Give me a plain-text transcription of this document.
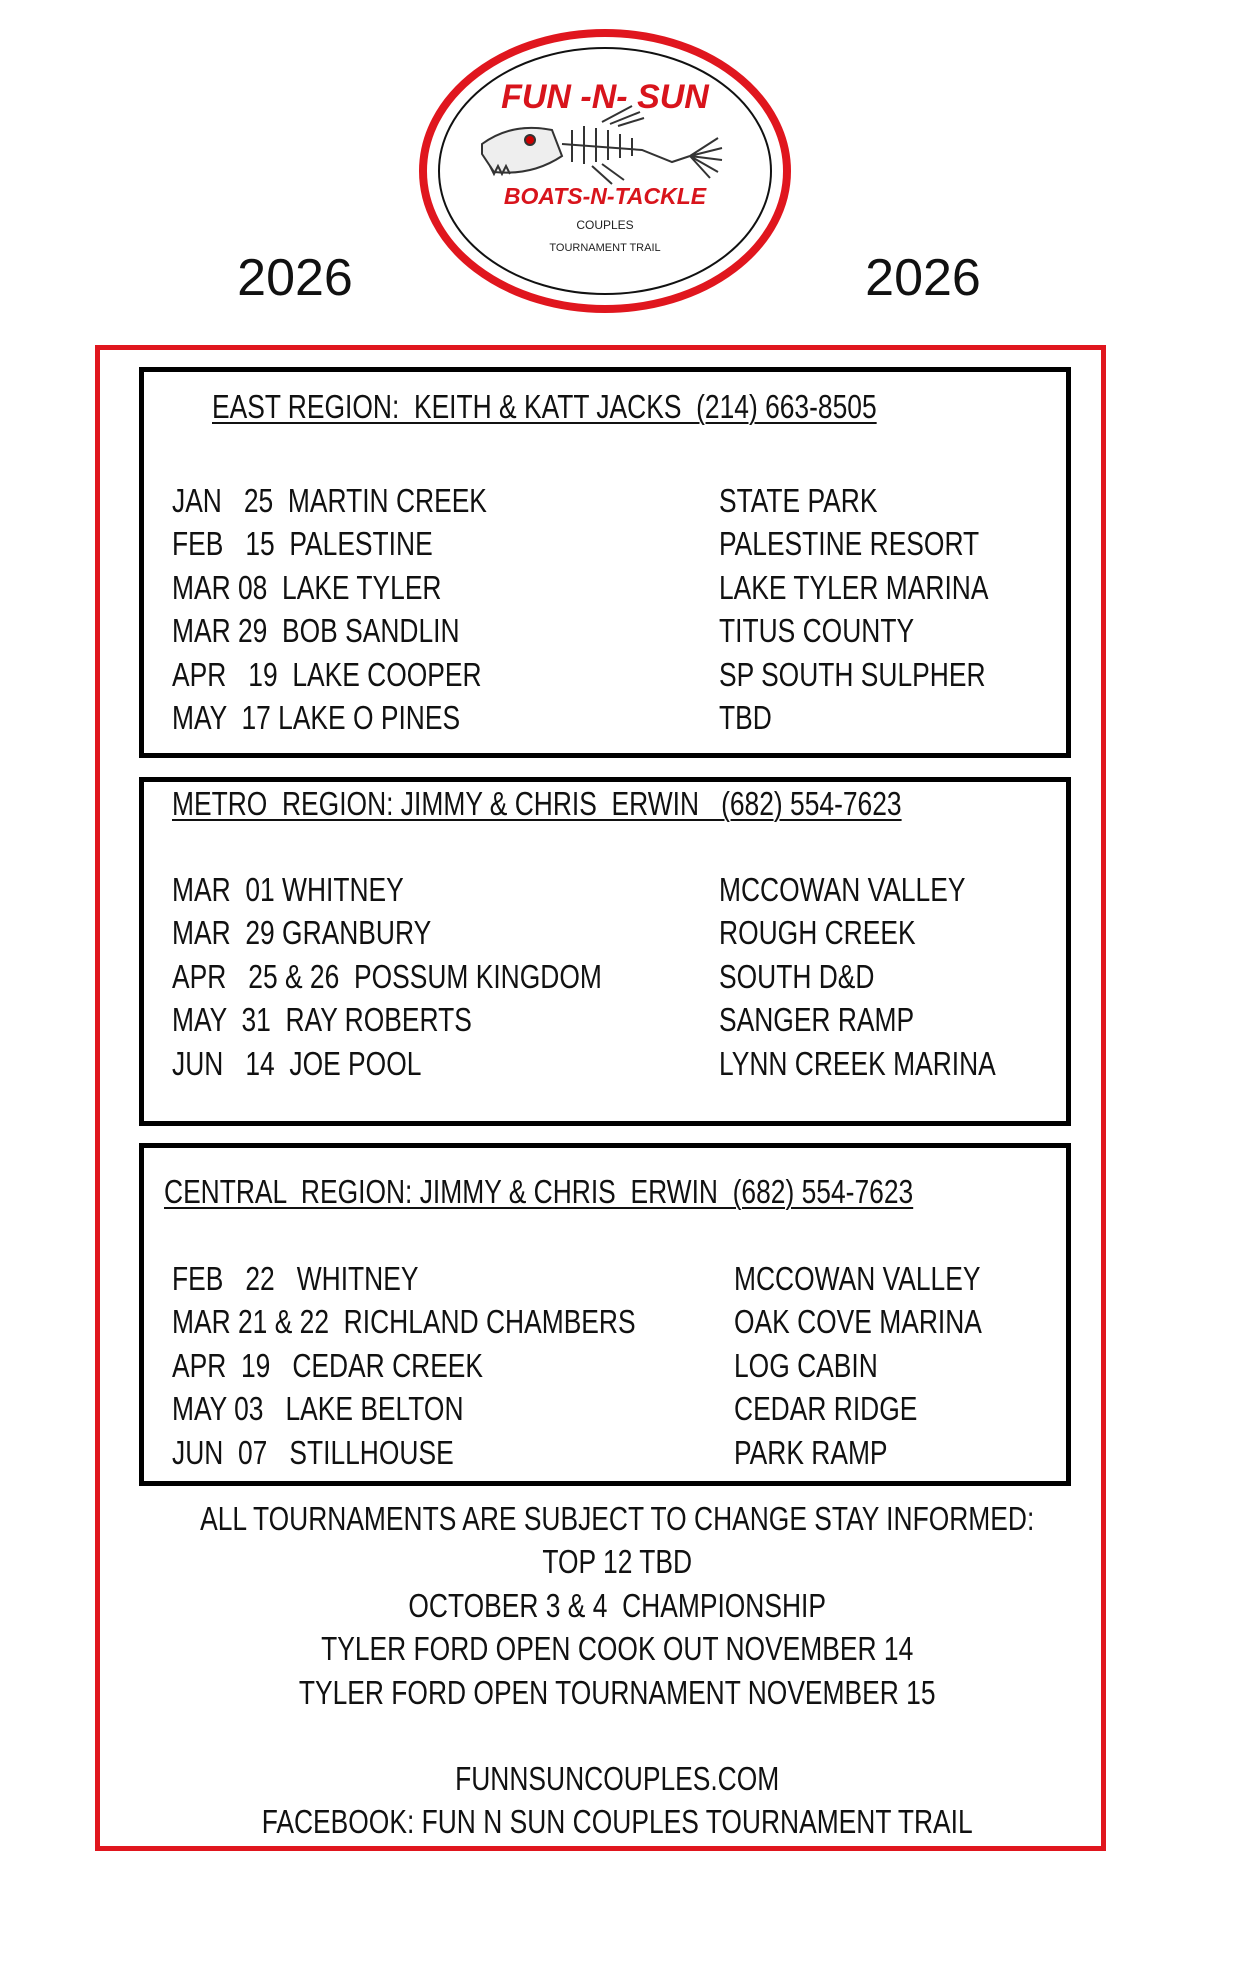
2026	2026
FUN -N- SUN
BOATS-N-TACKLE
COUPLES
TOURNAMENT TRAIL
EAST REGION:  KEITH & KATT JACKS  (214) 663-8505
JAN   25  MARTIN CREEK	STATE PARK
FEB   15  PALESTINE	PALESTINE RESORT
MAR 08  LAKE TYLER	LAKE TYLER MARINA
MAR 29  BOB SANDLIN	TITUS COUNTY
APR   19  LAKE COOPER	SP SOUTH SULPHER
MAY  17 LAKE O PINES	TBD
METRO  REGION: JIMMY & CHRIS  ERWIN   (682) 554-7623
MAR  01 WHITNEY	MCCOWAN VALLEY
MAR  29 GRANBURY	ROUGH CREEK
APR   25 & 26  POSSUM KINGDOM	SOUTH D&D
MAY  31  RAY ROBERTS	SANGER RAMP
JUN   14  JOE POOL	LYNN CREEK MARINA
CENTRAL  REGION: JIMMY & CHRIS  ERWIN  (682) 554-7623
FEB   22   WHITNEY	MCCOWAN VALLEY
MAR 21 & 22  RICHLAND CHAMBERS	OAK COVE MARINA
APR  19   CEDAR CREEK	LOG CABIN
MAY 03   LAKE BELTON	CEDAR RIDGE
JUN  07   STILLHOUSE	PARK RAMP
ALL TOURNAMENTS ARE SUBJECT TO CHANGE STAY INFORMED:
TOP 12 TBD
OCTOBER 3 & 4  CHAMPIONSHIP
TYLER FORD OPEN COOK OUT NOVEMBER 14
TYLER FORD OPEN TOURNAMENT NOVEMBER 15
FUNNSUNCOUPLES.COM
FACEBOOK: FUN N SUN COUPLES TOURNAMENT TRAIL
